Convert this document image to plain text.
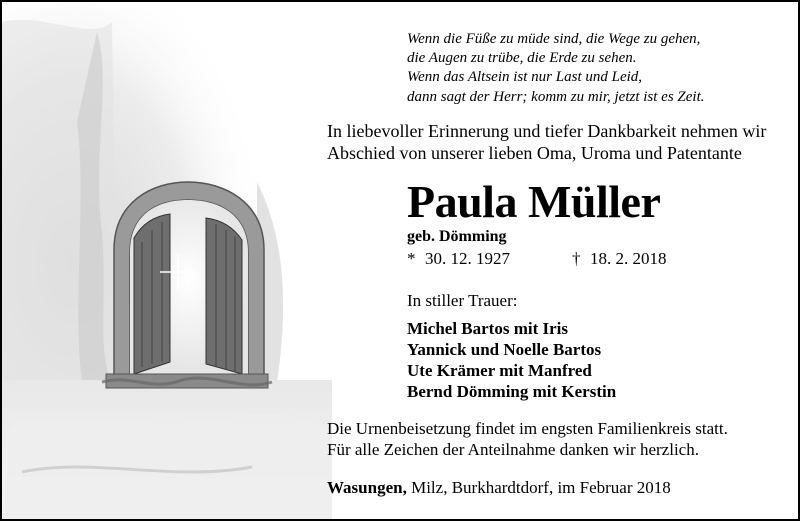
Wenn die Füße zu müde sind, die Wege zu gehen,
die Augen zu trübe, die Erde zu sehen.
Wenn das Altsein ist nur Last und Leid,
dann sagt der Herr; komm zu mir, jetzt ist es Zeit.
In liebevoller Erinnerung und tiefer Dankbarkeit nehmen wir
Abschied von unserer lieben Oma, Uroma und Patentante
Paula Müller
geb. Dömming
* 30. 12. 1927	† 18. 2. 2018
In stiller Trauer:
Michel Bartos mit Iris
Yannick und Noelle Bartos
Ute Krämer mit Manfred
Bernd Dömming mit Kerstin
Die Urnenbeisetzung findet im engsten Familienkreis statt.
Für alle Zeichen der Anteilnahme danken wir herzlich.
Wasungen, Milz, Burkhardtdorf, im Februar 2018
